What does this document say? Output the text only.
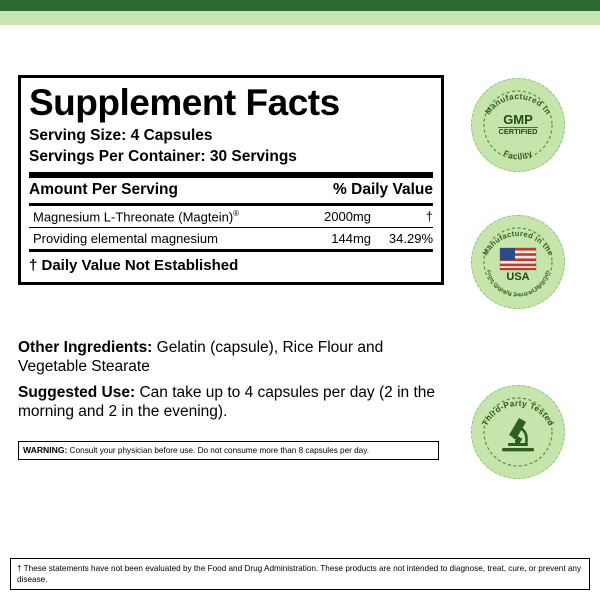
Supplement Facts
Serving Size: 4 Capsules
Servings Per Container: 30 Servings
Amount Per Serving	% Daily Value
Magnesium L-Threonate (Magtein)®	2000mg	†
Providing elemental magnesium	144mg	34.29%
† Daily Value Not Established
Other Ingredients: Gelatin (capsule), Rice Flour and Vegetable Stearate
Suggested Use: Can take up to 4 capsules per day (2 in the morning and 2 in the evening).
WARNING: Consult your physician before use. Do not consume more than 8 capsules per day.
† These statements have not been evaluated by the Food and Drug Administration. These products are not intended to diagnose, treat, cure, or prevent any disease.
Manufactured in
Facility
GMP
CERTIFIED
Manufactured in the
From Globally Sourced Materials
USA
Third-Party Tested
